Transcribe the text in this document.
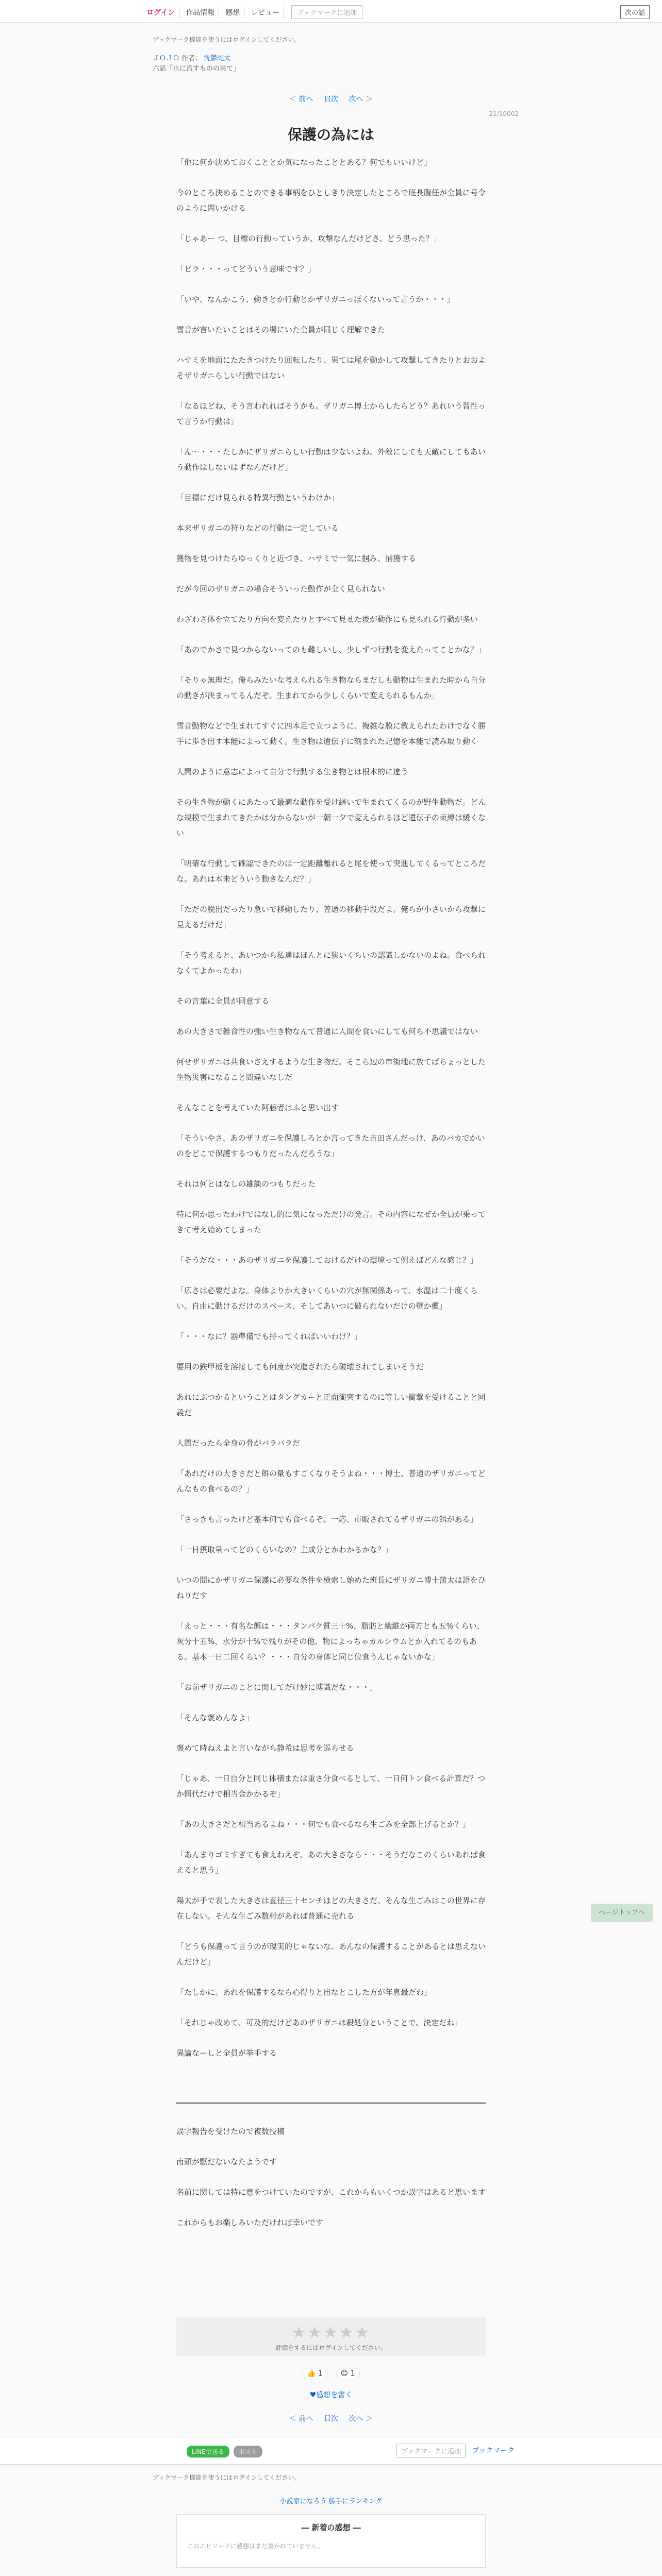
ログイン	作品情報	感想	レビュー	ブックマークに追加	次の話
ブックマーク機能を使うにはログインしてください。
ＪＯＪＯ 作者： 沈鬱蛇太
六話「水に流すものの果て」
＜ 前へ 目次 次へ ＞
21/10002
保護の為には

「他に何か決めておくこととか気になったこととある？何でもいいけど」

今のところ決めることのできる事柄をひとしきり決定したところで班長腹任が全員に号令のように問いかける

「じゃあー つ、目標の行動っていうか、攻撃なんだけどさ、どう思った？」

「ビラ・・・ってどういう意味です？」

「いや、なんかこう、動きとか行動とかザリガニっぽくないって言うか・・・」

雪音が言いたいことはその場にいた全員が同じく理解できた

ハサミを地面にたたきつけたり回転したり、果ては尾を動かして攻撃してきたりとおおよそザリガニらしい行動ではない

「なるほどね、そう言われればそうかも。ザリガニ博士からしたらどう？あれいう習性って言うか行動は」

「ん～・・・たしかにザリガニらしい行動は少ないよね。外敵にしても天敵にしてもあいう動作はしないはずなんだけど」

「目標にだけ見られる特異行動というわけか」

本来ザリガニの狩りなどの行動は一定している

獲物を見つけたらゆっくりと近づき、ハサミで一気に掴み、捕獲する

だが今回のザリガニの場合そういった動作が全く見られない

わざわざ体を立てたり方向を変えたりとすべて見せた後が動作にも見られる行動が多い

「あのでかさで見つからないってのも難しいし、少しずつ行動を変えたってことかな？」

「そりゃ無理だ。俺らみたいな考えられる生き物ならまだしも動物は生まれた時から自分の動きが決まってるんだぞ。生まれてから少しくらいで変えられるもんか」

雪音動物などで生まれてすぐに四本足で立つように、複雑な膜に教えられたわけでなく勝手に歩き出す本能によって動く。生き物は遺伝子に刻まれた記憶を本能で読み取り動く

人間のように意志によって自分で行動する生き物とは根本的に違う

その生き物が動くにあたって最適な動作を受け継いで生まれてくるのが野生動物だ。どんな規模で生まれてきたかは分からないが一朝一夕で変えられるほど遺伝子の束縛は緩くない

「明確な行動して確認できたのは一定距離離れると尾を使って突進してくるってところだな。あれは本来どういう動きなんだ？」

「ただの脱出だったり急いで移動したり、普通の移動手段だよ。俺らが小さいから攻撃に見えるだけだ」

「そう考えると、あいつから私達はほんとに狭いくらいの認識しかないのよね。食べられなくてよかったわ」

その言葉に全員が同意する

あの大きさで雑食性の強い生き物なんて普通に人間を食いにしても何ら不思議ではない

何せザリガニは共食いさえするような生き物だ。そこら辺の市街地に放てばちょっとした生物災害になること間違いなしだ

そんなことを考えていた阿藤者はふと思い出す

「そういやさ、あのザリガニを保護しろとか言ってきた吉田さんだっけ、あのバカでかいのをどこで保護するつもりだったんだろうな」

それは何とはなしの雑談のつもりだった

特に何か思ったわけではなし的に気になっただけの発言。その内容になぜか全員が乗ってきて考え始めてしまった

「そうだな・・・あのザリガニを保護しておけるだけの環境って例えばどんな感じ？」

「広さは必要だよな。身体よりか大きいくらいの穴が無関係あって、水温は二十度くらい。自由に動けるだけのスペース、そしてあいつに破られないだけの壁か檻」

「・・・なに？器準備でも持ってくればいいわけ？」

要用の鉄甲板を溶接しても何度か突進されたら破壊されてしまいそうだ

あれにぶつかるということはタングカーと正面衝突するのに等しい衝撃を受けることと同義だ

人間だったら全身の骨がバラバラだ

「あれだけの大きさだと餌の量もすごくなりそうよね・・・博士、普通のザリガニってどんなもの食べるの？」

「さっきも言ったけど基本何でも食べるぞ。一応、市販されてるザリガニの餌がある」

「一日摂取量ってどのくらいなの？主成分とかわかるかな？」

いつの間にかザリガニ保護に必要な条件を検索し始めた班長にザリガニ博士蒲太は語をひねりだす

「えっと・・・有名な餌は・・・タンパク質三十%、脂肪と繊維が両方とも五%くらい、灰分十五%、水分が十%で残りがその他、物によっちゃカルシウムとか入れてるのもある。基本一日二回くらい？・・・自分の身体と同じ位食うんじゃないかな」

「お前ザリガニのことに関してだけ妙に博識だな・・・」

「そんな褒めんなよ」

褒めて時ねえよと言いながら静希は思考を巡らせる

「じゃあ、一日自分と同じ体積または重さ分食べるとして、一日何トン食べる計算だ？つか餌代だけで相当金かかるぞ」

「あの大きさだと相当あるよね・・・何でも食べるなら生ごみを全部上げるとか？」

「あんまりゴミすぎても食えねえぞ、あの大きさなら・・・そうだなこのくらいあれば食えると思う」

陽太が手で表した大きさは直径三十センチほどの大きさだ、そんな生ごみはこの世界に存在しない。そんな生ごみ数村があれば普通に売れる

「どうも保護って言うのが現実的じゃないな。あんなの保護することがあるとは思えないんだけど」

「たしかに。あれを保護するなら心得りと出なとこした方が年息最だわ」

「それじゃ改めて、可及的だけどあのザリガニは殺処分ということで、決定だね」

異論なーしと全員が挙手する

ページトップへ

誤字報告を受けたので複数投稿

南頭が駆だないなたようです

名前に関しては特に意をつけていたのですが、これからもいくつか誤字はあると思います

これからもお楽しみいただければ幸いです

★★★★★
評価をするにはログインしてください。
👍 1 😊 1
♥感想を書く
＜ 前へ 目次 次へ ＞
LINEで送る	ポスト	ブックマークに追加	ブックマーク
ブックマーク機能を使うにはログインしてください。
小説家になろう 勝手にランキング
― 新着の感想 ―
このエピソードに感想はまだ書かれていません。
